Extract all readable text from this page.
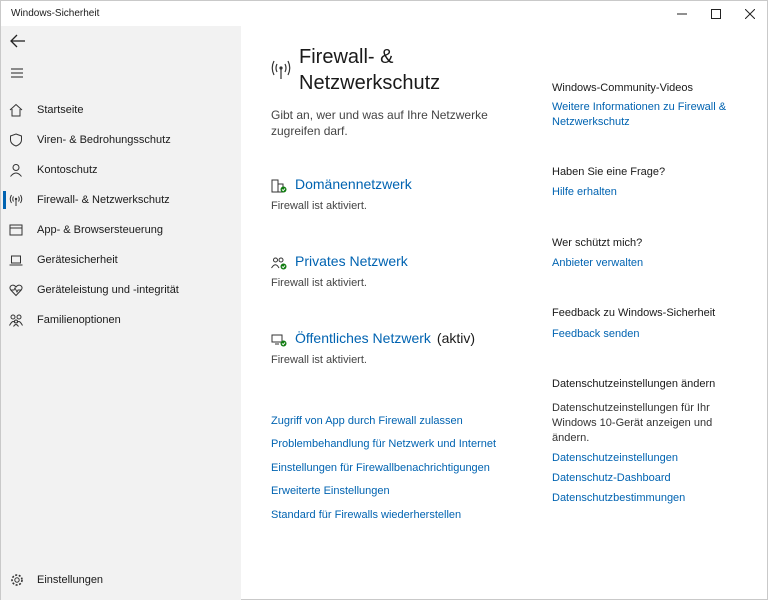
Windows-Sicherheit
Startseite
Viren- & Bedrohungsschutz
Kontoschutz
Firewall- & Netzwerkschutz
App- & Browsersteuerung
Gerätesicherheit
Geräteleistung und -integrität
Familienoptionen
Einstellungen
Firewall- & Netzwerkschutz

Gibt an, wer und was auf Ihre Netzwerke zugreifen darf.

Domänennetzwerk
Firewall ist aktiviert.
Privates Netzwerk
Firewall ist aktiviert.
Öffentliches Netzwerk (aktiv)
Firewall ist aktiviert.
Zugriff von App durch Firewall zulassen
Problembehandlung für Netzwerk und Internet
Einstellungen für Firewallbenachrichtigungen
Erweiterte Einstellungen
Standard für Firewalls wiederherstellen
Windows-Community-Videos
Weitere Informationen zu Firewall & Netzwerkschutz
Haben Sie eine Frage?
Hilfe erhalten
Wer schützt mich?
Anbieter verwalten
Feedback zu Windows-Sicherheit
Feedback senden
Datenschutzeinstellungen ändern
Datenschutzeinstellungen für Ihr Windows 10-Gerät anzeigen und ändern.
Datenschutzeinstellungen
Datenschutz-Dashboard
Datenschutzbestimmungen
